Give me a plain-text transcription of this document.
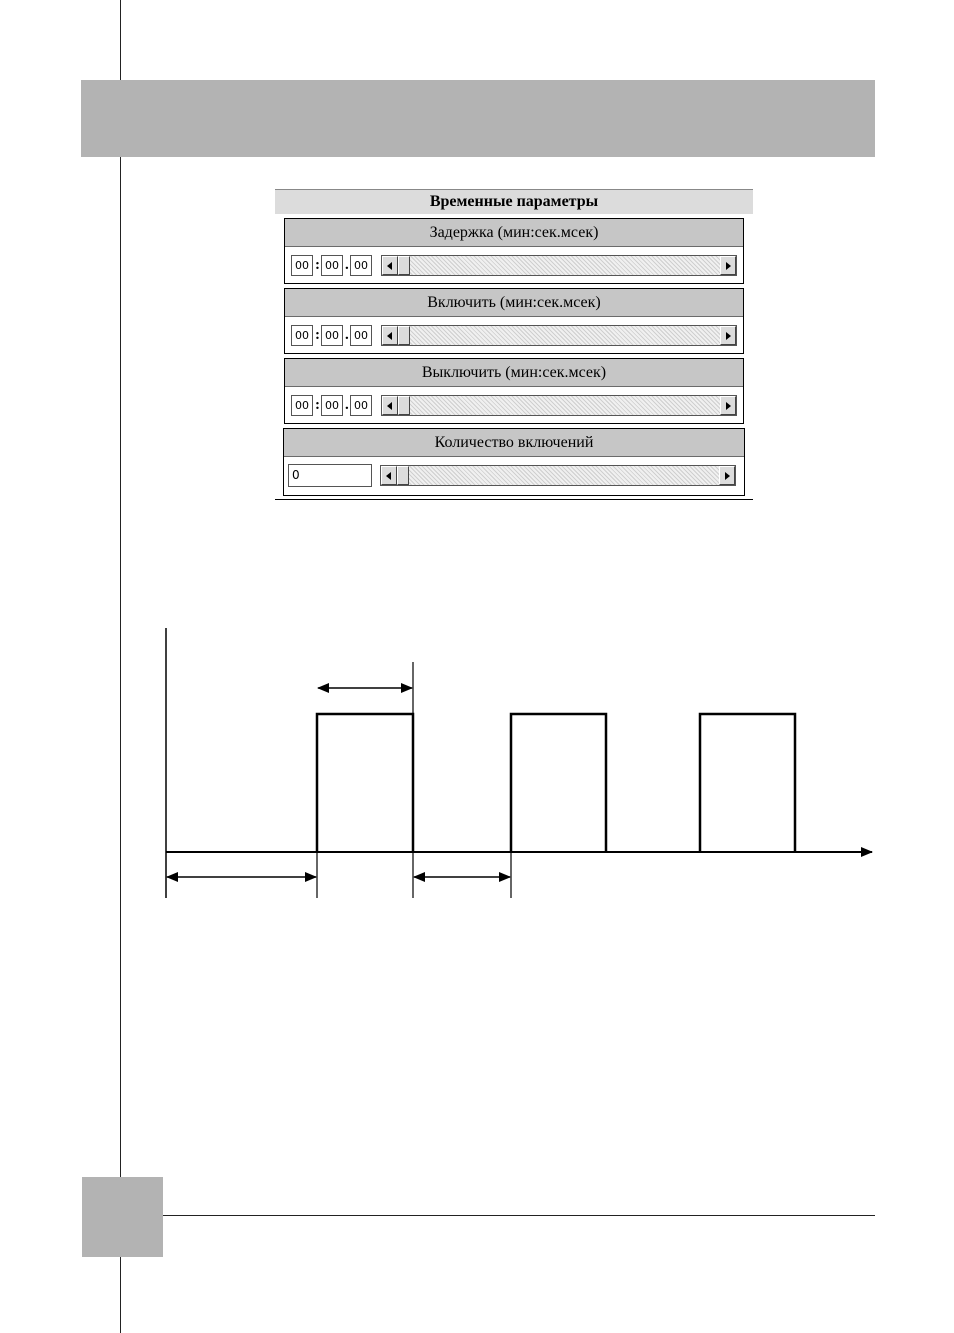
Временные параметры
Задержка (мин:сек.мсек)
00 : 00 . 00
Включить (мин:сек.мсек)
00 : 00 . 00
Выключить (мин:сек.мсек)
00 : 00 . 00
Количество включений
0
